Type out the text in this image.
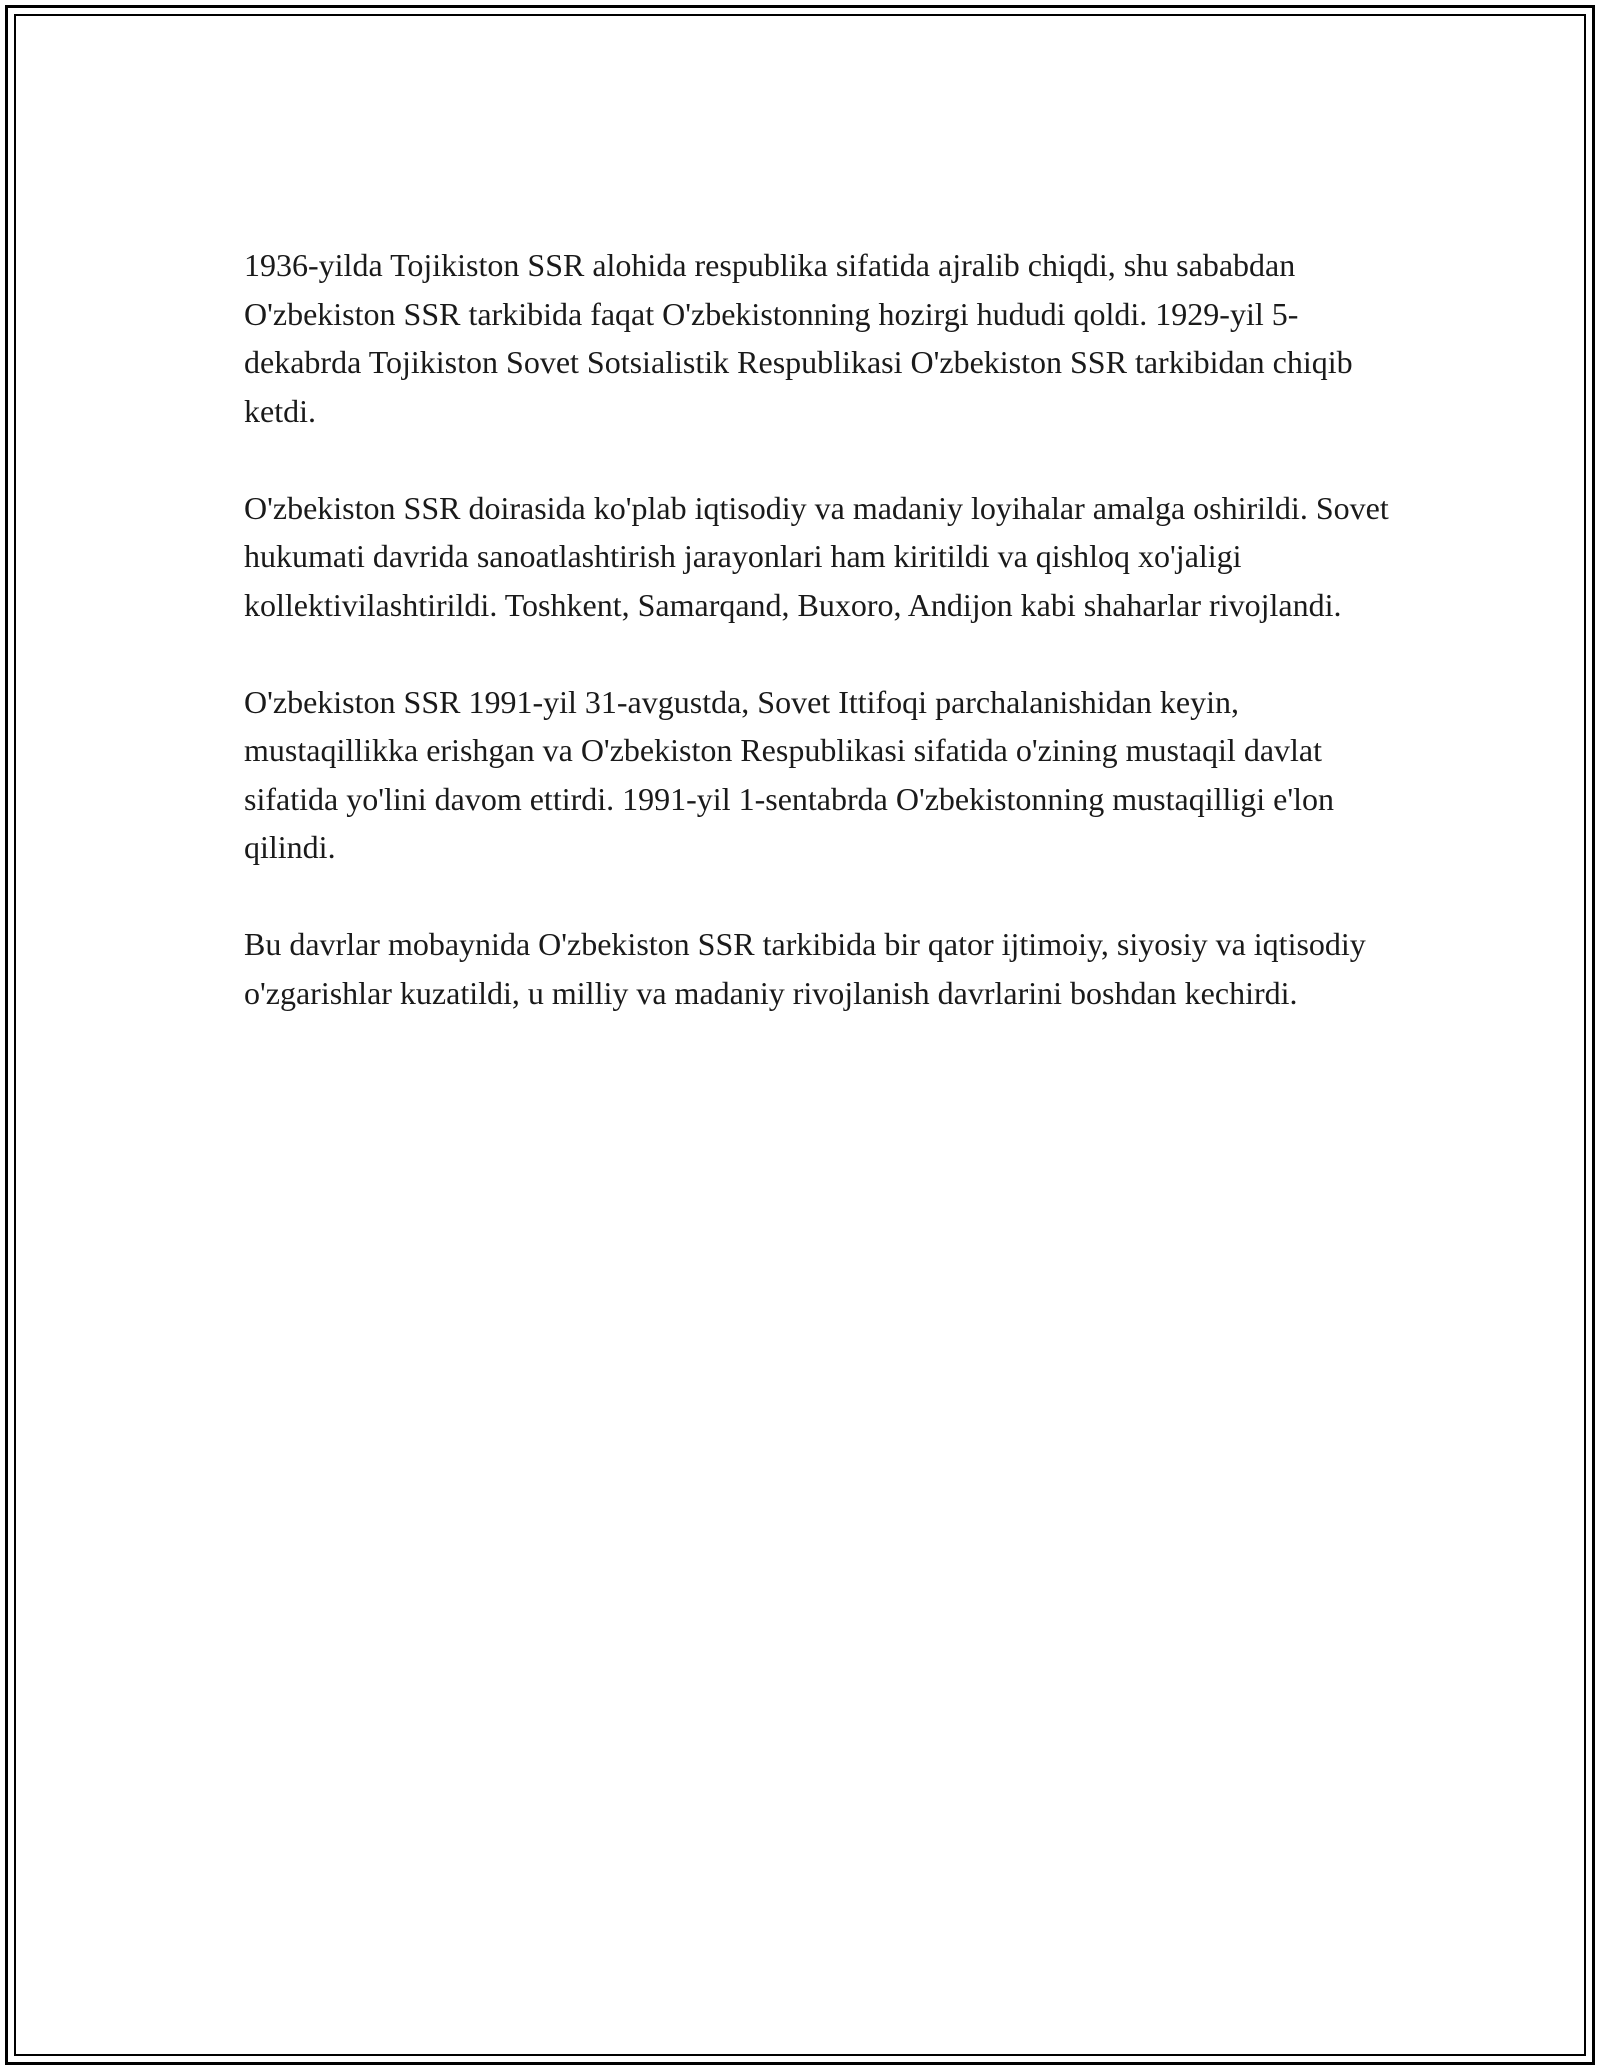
1936-yilda Tojikiston SSR alohida respublika sifatida ajralib chiqdi, shu sababdan O'zbekiston SSR tarkibida faqat O'zbekistonning hozirgi hududi qoldi. 1929-yil 5-dekabrda Tojikiston Sovet Sotsialistik Respublikasi O'zbekiston SSR tarkibidan chiqib ketdi.

O'zbekiston SSR doirasida ko'plab iqtisodiy va madaniy loyihalar amalga oshirildi. Sovet hukumati davrida sanoatlashtirish jarayonlari ham kiritildi va qishloq xo'jaligi kollektivilashtirildi. Toshkent, Samarqand, Buxoro, Andijon kabi shaharlar rivojlandi.

O'zbekiston SSR 1991-yil 31-avgustda, Sovet Ittifoqi parchalanishidan keyin, mustaqillikka erishgan va O'zbekiston Respublikasi sifatida o'zining mustaqil davlat sifatida yo'lini davom ettirdi. 1991-yil 1-sentabrda O'zbekistonning mustaqilligi e'lon qilindi.

Bu davrlar mobaynida O'zbekiston SSR tarkibida bir qator ijtimoiy, siyosiy va iqtisodiy o'zgarishlar kuzatildi, u milliy va madaniy rivojlanish davrlarini boshdan kechirdi.
